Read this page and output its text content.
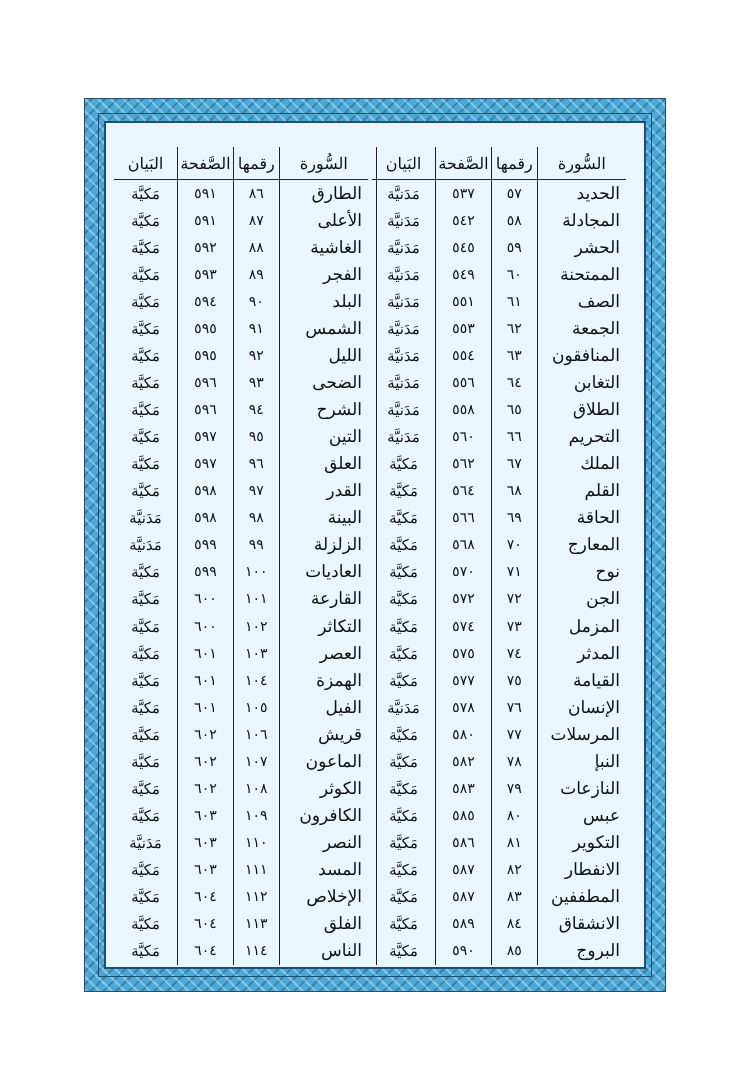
السُّورة	رقمها	الصَّفحة	البَيان
الحديد	٥٧	٥٣٧	مَدَنيَّة
المجادلة	٥٨	٥٤٢	مَدَنيَّة
الحشر	٥٩	٥٤٥	مَدَنيَّة
الممتحنة	٦٠	٥٤٩	مَدَنيَّة
الصف	٦١	٥٥١	مَدَنيَّة
الجمعة	٦٢	٥٥٣	مَدَنيَّة
المنافقون	٦٣	٥٥٤	مَدَنيَّة
التغابن	٦٤	٥٥٦	مَدَنيَّة
الطلاق	٦٥	٥٥٨	مَدَنيَّة
التحريم	٦٦	٥٦٠	مَدَنيَّة
الملك	٦٧	٥٦٢	مَكيَّة
القلم	٦٨	٥٦٤	مَكيَّة
الحاقة	٦٩	٥٦٦	مَكيَّة
المعارج	٧٠	٥٦٨	مَكيَّة
نوح	٧١	٥٧٠	مَكيَّة
الجن	٧٢	٥٧٢	مَكيَّة
المزمل	٧٣	٥٧٤	مَكيَّة
المدثر	٧٤	٥٧٥	مَكيَّة
القيامة	٧٥	٥٧٧	مَكيَّة
الإنسان	٧٦	٥٧٨	مَدَنيَّة
المرسلات	٧٧	٥٨٠	مَكيَّة
النبإ	٧٨	٥٨٢	مَكيَّة
النازعات	٧٩	٥٨٣	مَكيَّة
عبس	٨٠	٥٨٥	مَكيَّة
التكوير	٨١	٥٨٦	مَكيَّة
الانفطار	٨٢	٥٨٧	مَكيَّة
المطففين	٨٣	٥٨٧	مَكيَّة
الانشقاق	٨٤	٥٨٩	مَكيَّة
البروج	٨٥	٥٩٠	مَكيَّة
السُّورة	رقمها	الصَّفحة	البَيان
الطارق	٨٦	٥٩١	مَكيَّة
الأعلى	٨٧	٥٩١	مَكيَّة
الغاشية	٨٨	٥٩٢	مَكيَّة
الفجر	٨٩	٥٩٣	مَكيَّة
البلد	٩٠	٥٩٤	مَكيَّة
الشمس	٩١	٥٩٥	مَكيَّة
الليل	٩٢	٥٩٥	مَكيَّة
الضحى	٩٣	٥٩٦	مَكيَّة
الشرح	٩٤	٥٩٦	مَكيَّة
التين	٩٥	٥٩٧	مَكيَّة
العلق	٩٦	٥٩٧	مَكيَّة
القدر	٩٧	٥٩٨	مَكيَّة
البينة	٩٨	٥٩٨	مَدَنيَّة
الزلزلة	٩٩	٥٩٩	مَدَنيَّة
العاديات	١٠٠	٥٩٩	مَكيَّة
القارعة	١٠١	٦٠٠	مَكيَّة
التكاثر	١٠٢	٦٠٠	مَكيَّة
العصر	١٠٣	٦٠١	مَكيَّة
الهمزة	١٠٤	٦٠١	مَكيَّة
الفيل	١٠٥	٦٠١	مَكيَّة
قريش	١٠٦	٦٠٢	مَكيَّة
الماعون	١٠٧	٦٠٢	مَكيَّة
الكوثر	١٠٨	٦٠٢	مَكيَّة
الكافرون	١٠٩	٦٠٣	مَكيَّة
النصر	١١٠	٦٠٣	مَدَنيَّة
المسد	١١١	٦٠٣	مَكيَّة
الإخلاص	١١٢	٦٠٤	مَكيَّة
الفلق	١١٣	٦٠٤	مَكيَّة
الناس	١١٤	٦٠٤	مَكيَّة
